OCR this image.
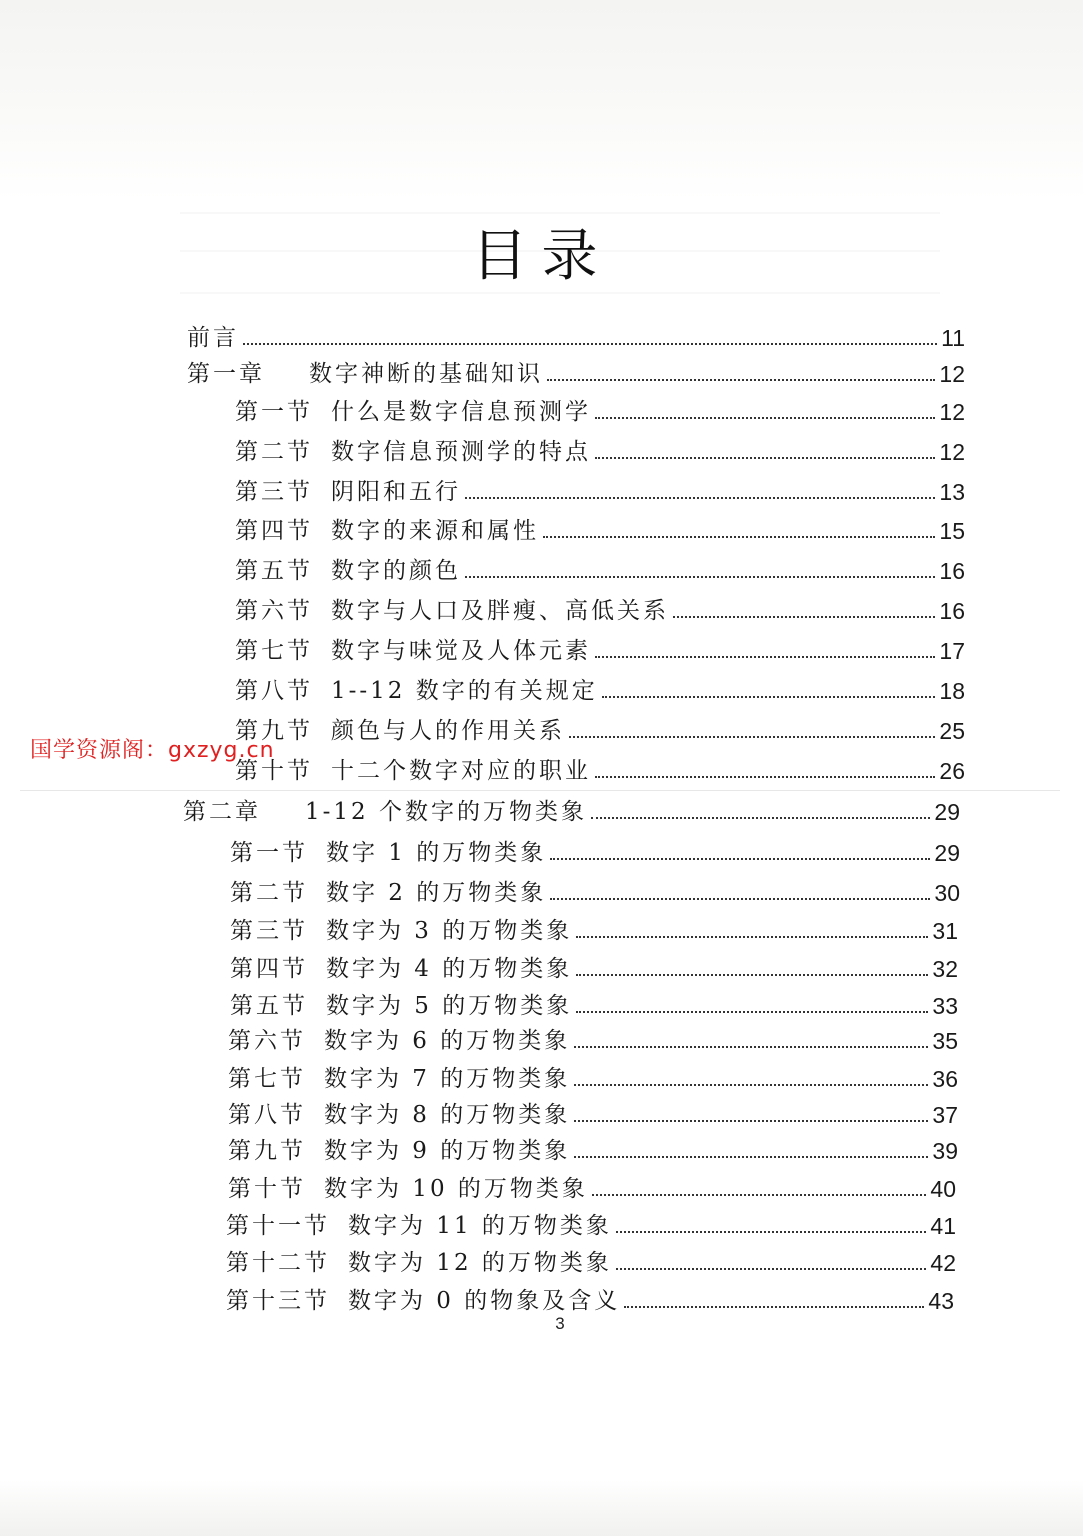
目录
前言	11
第一章 数字神断的基础知识	12
第一节 什么是数字信息预测学	12
第二节 数字信息预测学的特点	12
第三节 阴阳和五行	13
第四节 数字的来源和属性	15
第五节 数字的颜色	16
第六节 数字与人口及胖瘦、高低关系	16
第七节 数字与味觉及人体元素	17
第八节 1--12 数字的有关规定	18
第九节 颜色与人的作用关系	25
第十节 十二个数字对应的职业	26
第二章 1-12 个数字的万物类象	29
第一节 数字 1 的万物类象	29
第二节 数字 2 的万物类象	30
第三节 数字为 3 的万物类象	31
第四节 数字为 4 的万物类象	32
第五节 数字为 5 的万物类象	33
第六节 数字为 6 的万物类象	35
第七节 数字为 7 的万物类象	36
第八节 数字为 8 的万物类象	37
第九节 数字为 9 的万物类象	39
第十节 数字为 10 的万物类象	40
第十一节 数字为 11 的万物类象	41
第十二节 数字为 12 的万物类象	42
第十三节 数字为 0 的物象及含义	43
国学资源阁：gxzyg.cn
3
